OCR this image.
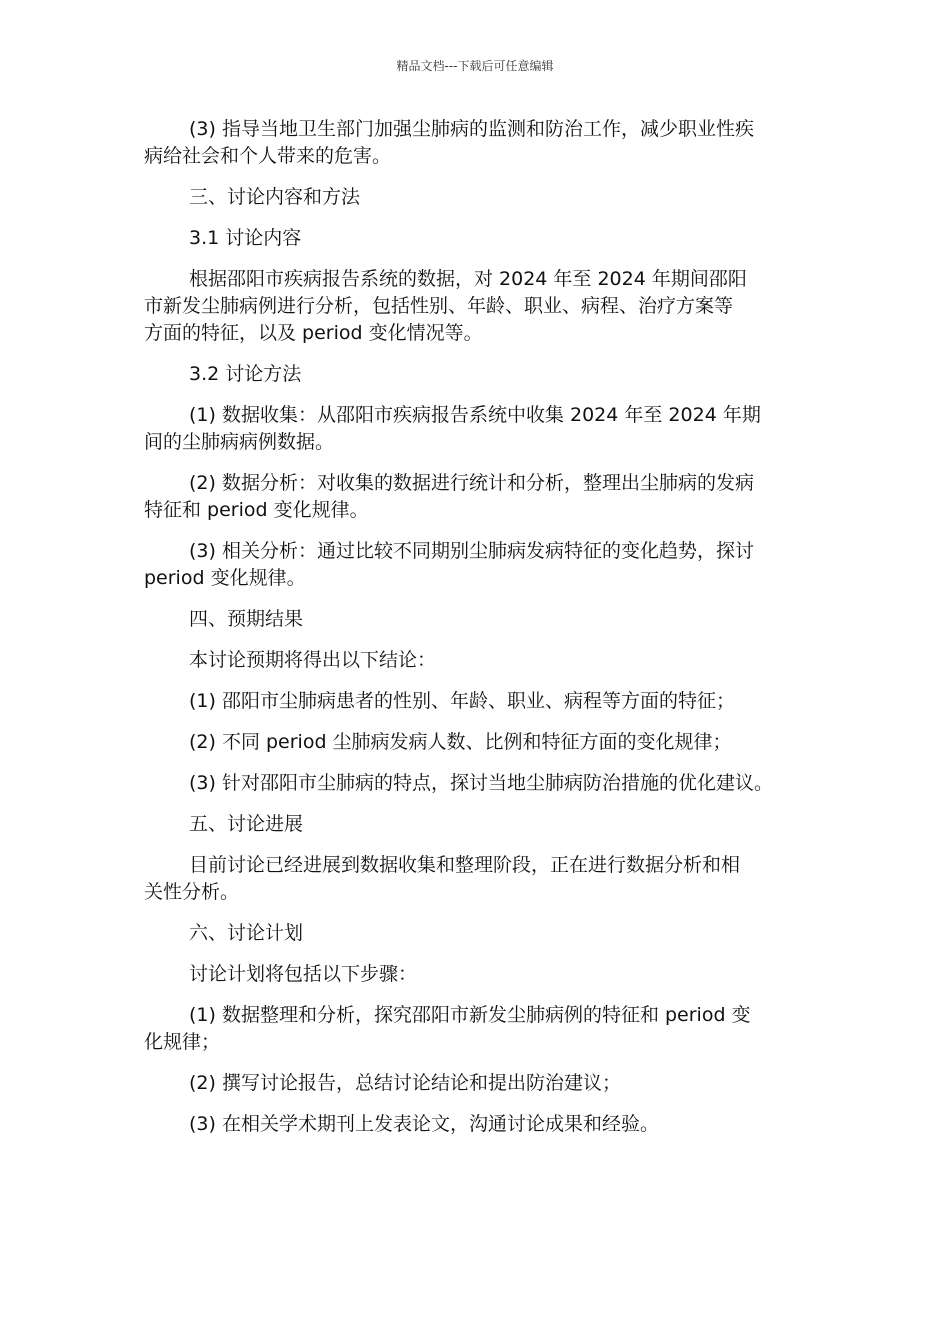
精品文档---下载后可任意编辑

(3) 指导当地卫生部门加强尘肺病的监测和防治工作，减少职业性疾
病给社会和个人带来的危害。

三、讨论内容和方法

3.1 讨论内容

根据邵阳市疾病报告系统的数据，对 2024 年至 2024 年期间邵阳
市新发尘肺病例进行分析，包括性别、年龄、职业、病程、治疗方案等
方面的特征，以及 period 变化情况等。

3.2 讨论方法

(1) 数据收集：从邵阳市疾病报告系统中收集 2024 年至 2024 年期
间的尘肺病病例数据。

(2) 数据分析：对收集的数据进行统计和分析，整理出尘肺病的发病
特征和 period 变化规律。

(3) 相关分析：通过比较不同期别尘肺病发病特征的变化趋势，探讨
period 变化规律。

四、预期结果

本讨论预期将得出以下结论：

(1) 邵阳市尘肺病患者的性别、年龄、职业、病程等方面的特征；

(2) 不同 period 尘肺病发病人数、比例和特征方面的变化规律；

(3) 针对邵阳市尘肺病的特点，探讨当地尘肺病防治措施的优化建议。

五、讨论进展

目前讨论已经进展到数据收集和整理阶段，正在进行数据分析和相
关性分析。

六、讨论计划

讨论计划将包括以下步骤：

(1) 数据整理和分析，探究邵阳市新发尘肺病例的特征和 period 变
化规律；

(2) 撰写讨论报告，总结讨论结论和提出防治建议；

(3) 在相关学术期刊上发表论文，沟通讨论成果和经验。
